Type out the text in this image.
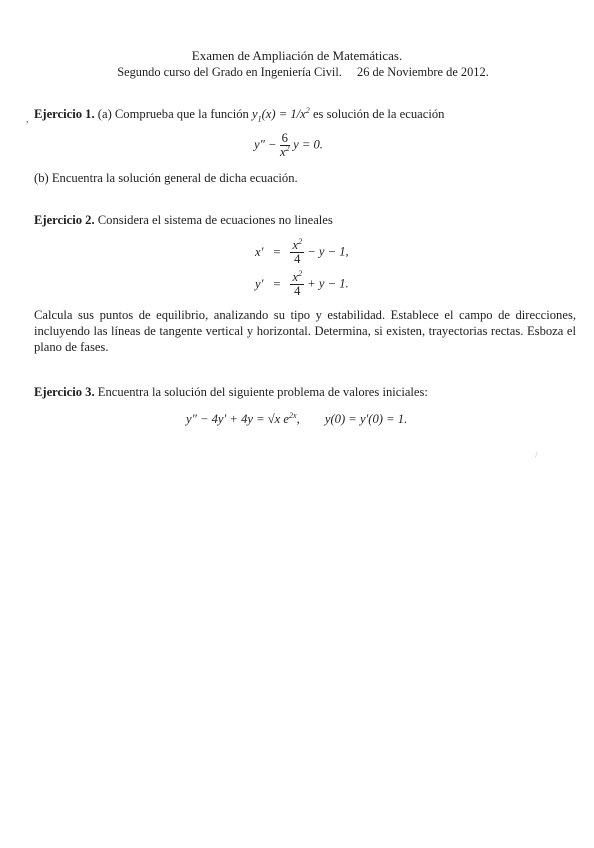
Examen de Ampliación de Matemáticas.
Segundo curso del Grado en Ingeniería Civil. 26 de Noviembre de 2012.
, Ejercicio 1. (a) Comprueba que la función $y_1(x) = 1/x^2$ es solución de la ecuación
$y'' - \frac{6}{x^2}$ y = 0.
(b) Encuentra la solución general de dicha ecuación.
Ejercicio 2. Considera el sistema de ecuaciones no lineales
x′	=	$\frac{x^2}{4} - y - 1$,
y′	=	$\frac{x^2}{4} + y - 1$.
Calcula sus puntos de equilibrio, analizando su tipo y estabilidad. Establece el campo de direcciones, incluyendo las líneas de tangente vertical y horizontal. Determina, si existen, trayectorias rectas. Esboza el plano de fases.
Ejercicio 3. Encuentra la solución del siguiente problema de valores iniciales:
y″ − 4y′ + 4y = √x $e^{2x}$, y(0) = y′(0) = 1.
/
